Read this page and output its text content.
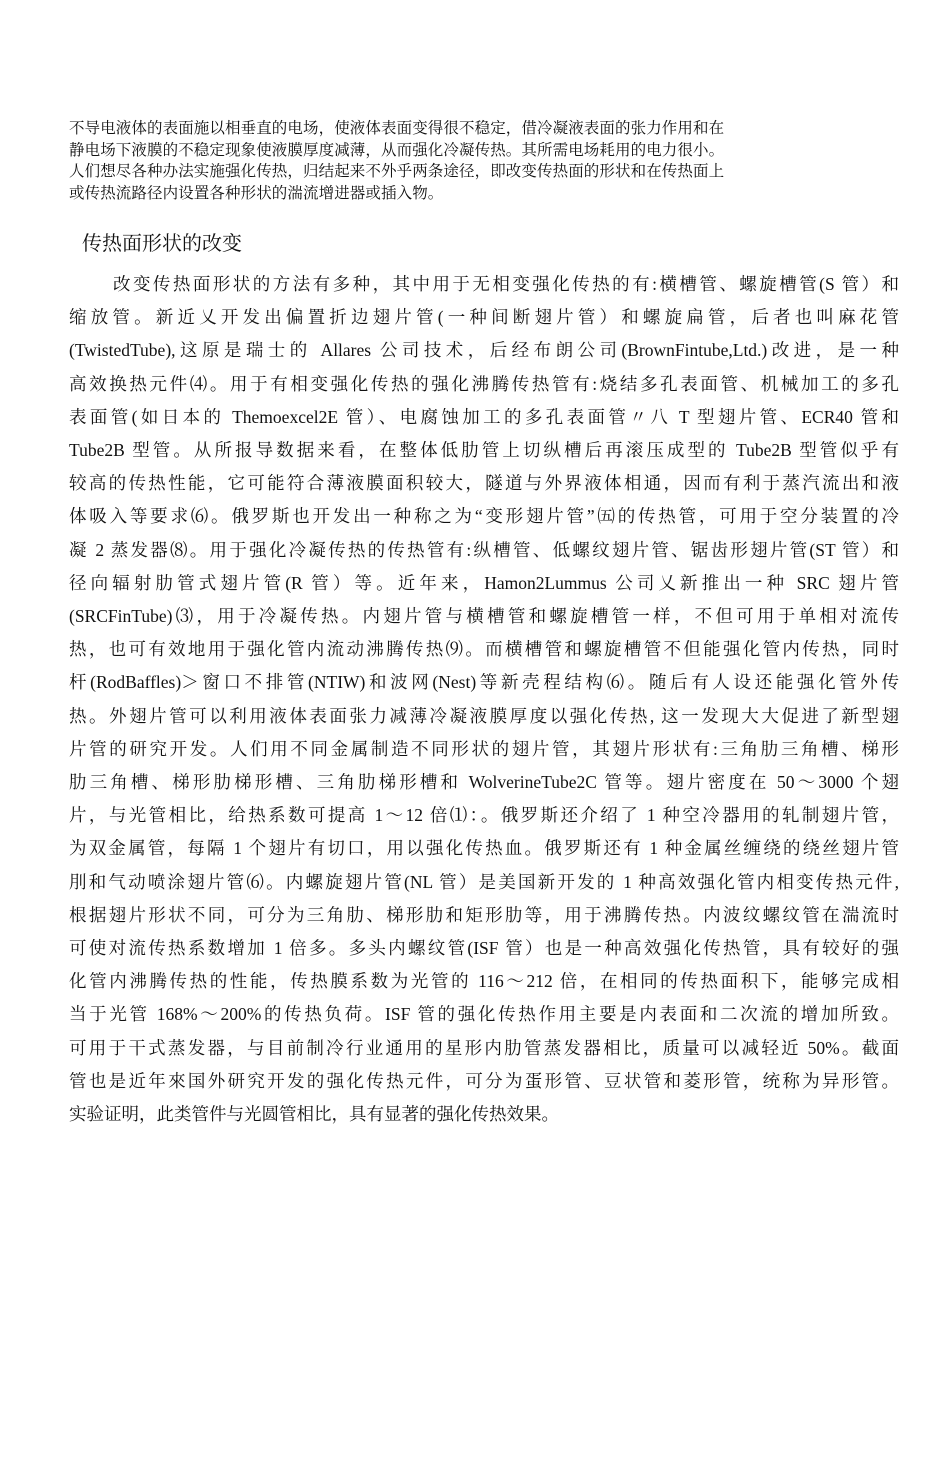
不导电液体的表面施以相垂直的电场，使液体表面变得很不稳定，借冷凝液表面的张力作用和在
静电场下液膜的不稳定现象使液膜厚度减薄，从而强化冷凝传热。其所需电场耗用的电力很小。
人们想尽各种办法实施强化传热，归结起来不外乎两条途径，即改变传热面的形状和在传热面上
或传热流路径内设置各种形状的湍流增进器或插入物。

传热面形状的改变

改变传热面形状的方法有多种，其中用于无相变强化传热的有:横槽管、螺旋槽管(S 管）和
缩放管。新近乂开发出偏置折边翅片管(一种间断翅片管）和螺旋扁管，后者也叫麻花管
(TwistedTube),这原是瑞士的 Allares 公司技术，后经布朗公司(BrownFintube,Ltd.)改进，是一种
高效换热元件⑷。用于有相变强化传热的强化沸腾传热管有:烧结多孔表面管、机械加工的多孔
表面管(如日本的 Themoexcel2E 管）、电腐蚀加工的多孔表面管〃八 T 型翅片管、ECR40 管和
Tube2B 型管。从所报导数据来看，在整体低肋管上切纵槽后再滚压成型的 Tube2B 型管似乎有
较高的传热性能，它可能符合薄液膜面积较大，隧道与外界液体相通，因而有利于蒸汽流出和液
体吸入等要求⑹。俄罗斯也开发出一种称之为“变形翅片管”㈤的传热管，可用于空分装置的冷
凝 2 蒸发器⑻。用于强化冷凝传热的传热管有:纵槽管、低螺纹翅片管、锯齿形翅片管(ST 管）和
径向辐射肋管式翅片管(R 管）等。近年来，Hamon2Lummus 公司乂新推出一种 SRC 翅片管
(SRCFinTube)⑶，用于冷凝传热。内翅片管与横槽管和螺旋槽管一样，不但可用于单相对流传
热，也可有效地用于强化管内流动沸腾传热⑼。而横槽管和螺旋槽管不但能强化管内传热，同时
杆(RodBaffles)＞窗口不排管(NTIW)和波网(Nest)等新壳程结构⑹。随后有人设还能强化管外传
热。外翅片管可以利用液体表面张力减薄冷凝液膜厚度以强化传热, 这一发现大大促进了新型翅
片管的研究开发。人们用不同金属制造不同形状的翅片管，其翅片形状有:三角肋三角槽、梯形
肋三角槽、梯形肋梯形槽、三角肋梯形槽和 WolverineTube2C 管等。翅片密度在 50〜3000 个翅
片，与光管相比，给热系数可提高 1〜12 倍⑴：。俄罗斯还介绍了 1 种空冷器用的轧制翅片管，
为双金属管，每隔 1 个翅片有切口，用以强化传热血。俄罗斯还有 1 种金属丝缠绕的绕丝翅片管
刖和气动喷涂翅片管⑹。内螺旋翅片管(NL 管）是美国新开发的 1 种高效强化管内相变传热元件,
根据翅片形状不同，可分为三角肋、梯形肋和矩形肋等，用于沸腾传热。内波纹螺纹管在湍流时
可使对流传热系数增加 1 倍多。多头内螺纹管(ISF 管）也是一种高效强化传热管，具有较好的强
化管内沸腾传热的性能，传热膜系数为光管的 116〜212 倍，在相同的传热面积下，能够完成相
当于光管 168%〜200%的传热负荷。ISF 管的强化传热作用主要是内表面和二次流的增加所致。
可用于干式蒸发器，与目前制冷行业通用的星形内肋管蒸发器相比，质量可以减轻近 50%。截面
管也是近年來国外研究开发的强化传热元件，可分为蛋形管、豆状管和菱形管，统称为异形管。
实验证明，此类管件与光圆管相比，具有显著的强化传热效果。
